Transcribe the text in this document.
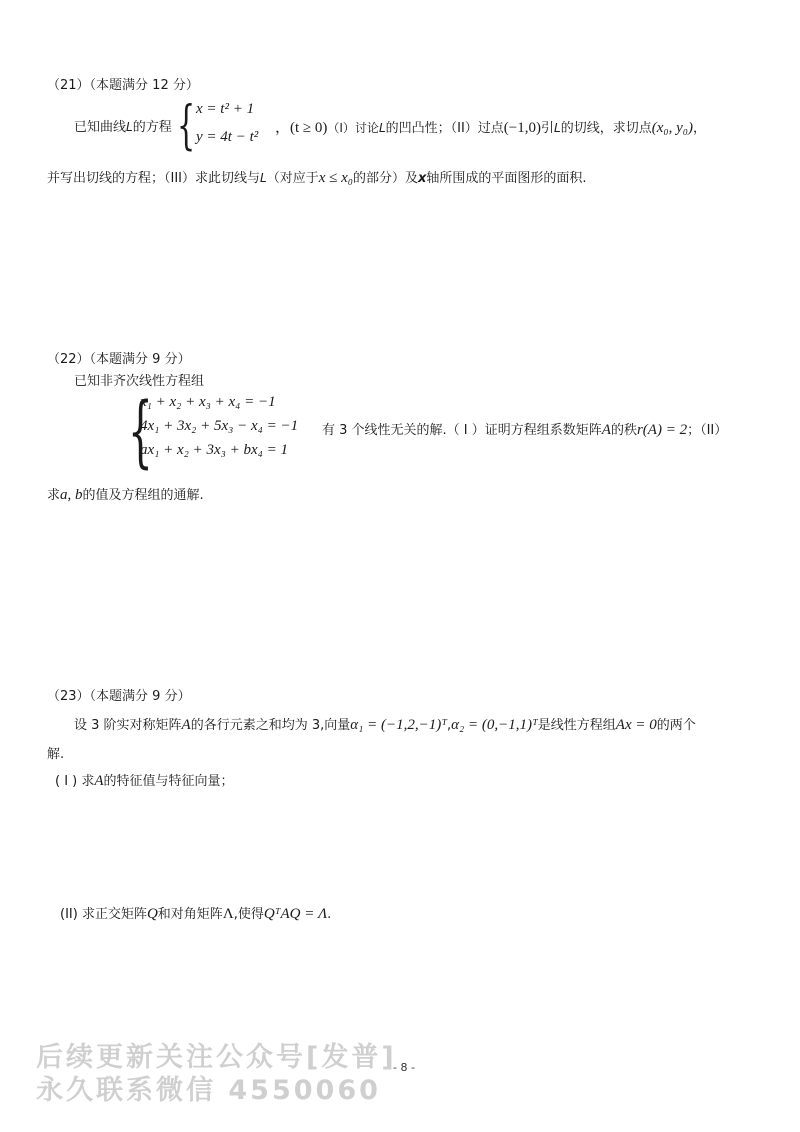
（21）（本题满分 12 分）
已知曲线L的方程 { x = t² + 1
y = 4t − t²
，(t ≥ 0)（I）讨论L的凹凸性；（II）过点(−1,0)引L的切线，求切点(x₀, y₀)，
并写出切线的方程；（III）求此切线与L（对应于x ≤ x₀的部分）及x轴所围成的平面图形的面积.
（22）（本题满分 9 分）
已知非齐次线性方程组
{
x₁ + x₂ + x₃ + x₄ = −1
4x₁ + 3x₂ + 5x₃ − x₄ = −1
ax₁ + x₂ + 3x₃ + bx₄ = 1
有 3 个线性无关的解.（ I ）证明方程组系数矩阵A的秩r(A) = 2；（II）
求a, b的值及方程组的通解.
（23）（本题满分 9 分）
设 3 阶实对称矩阵A的各行元素之和均为 3,向量α₁ = (−1,2,−1)ᵀ,α₂ = (0,−1,1)ᵀ是线性方程组Ax = 0的两个
解.
( I ) 求A的特征值与特征向量；
(II) 求正交矩阵Q和对角矩阵Λ,使得QᵀAQ = Λ.
后续更新关注公众号[发普]
永久联系微信 4550060
- 8 -
